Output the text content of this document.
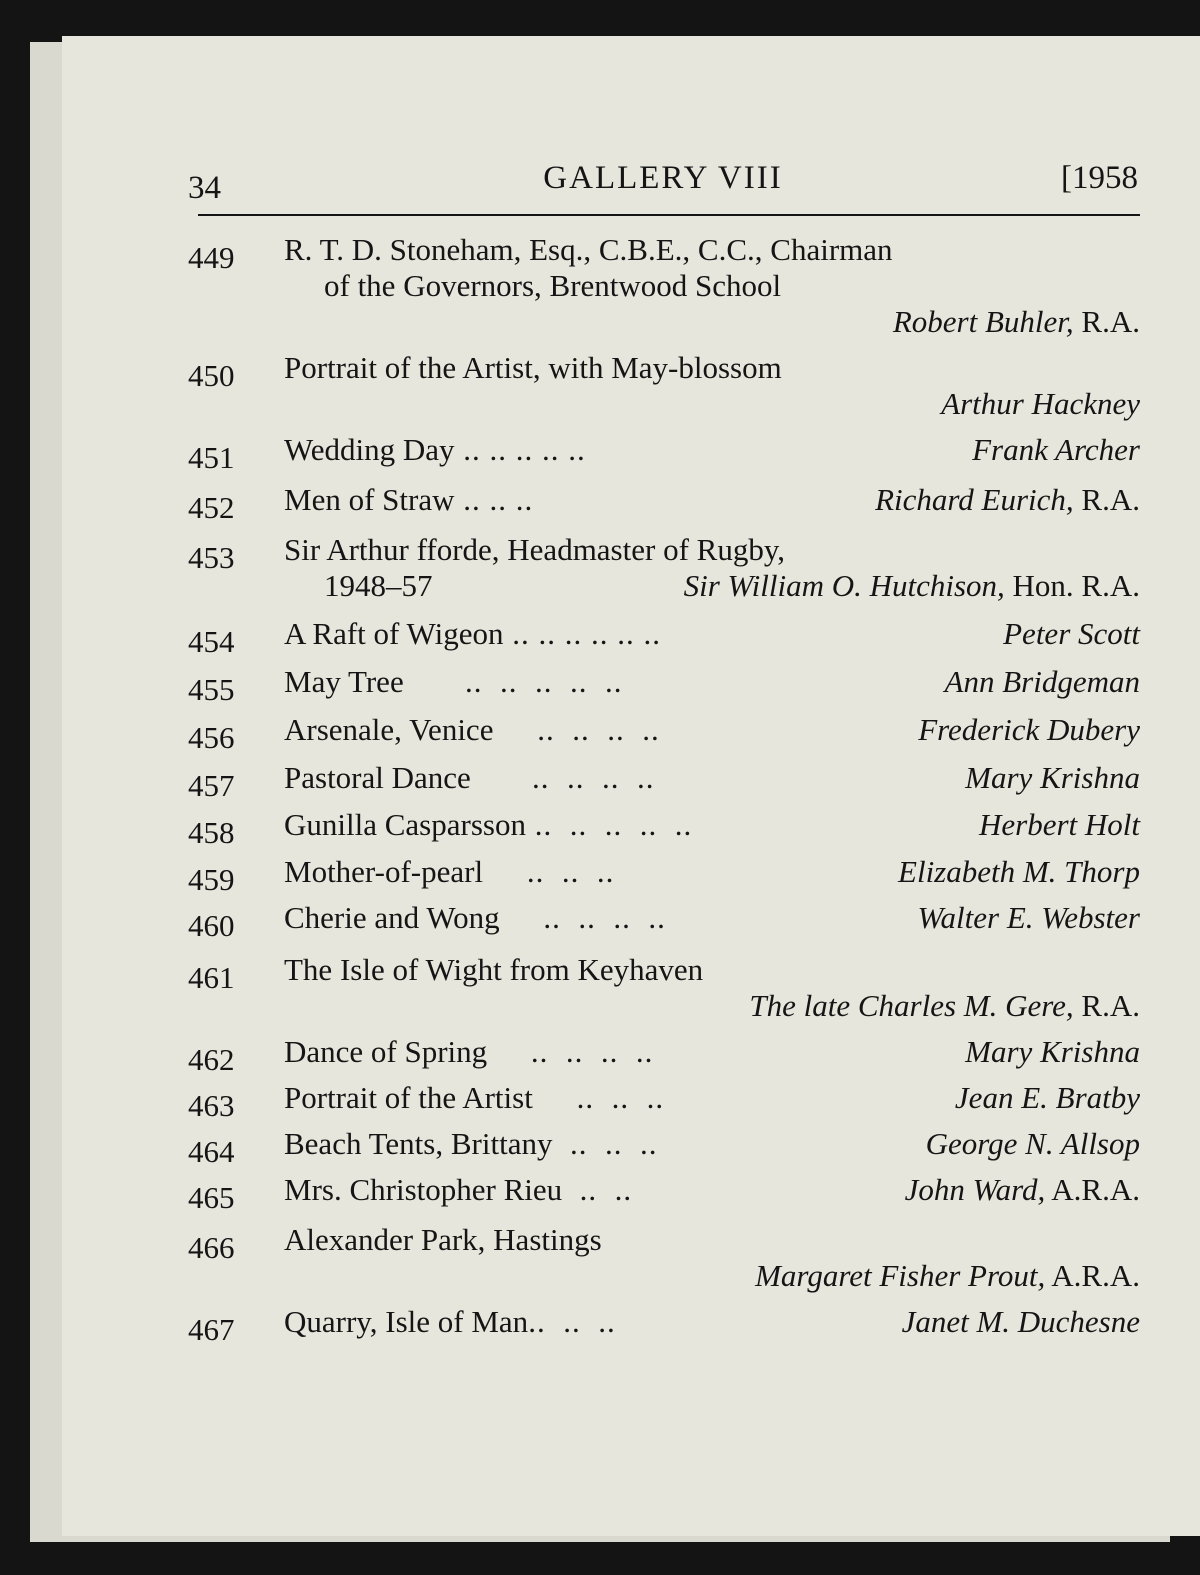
34	GALLERY VIII	[1958
449 R. T. D. Stoneham, Esq., C.B.E., C.C., Chairman
of the Governors, Brentwood School
Robert Buhler, R.A.
450 Portrait of the Artist, with May-blossom
Arthur Hackney
451 Wedding Day .. .. .. .. ..	Frank Archer
452 Men of Straw .. .. ..	Richard Eurich, R.A.
453 Sir Arthur fforde, Headmaster of Rugby,
1948–57	Sir William O. Hutchison, Hon. R.A.
454 A Raft of Wigeon .. .. .. .. .. ..	Peter Scott
455 May Tree       ..  ..  ..  ..  ..	Ann Bridgeman
456 Arsenale, Venice     ..  ..  ..  ..	Frederick Dubery
457 Pastoral Dance       ..  ..  ..  ..	Mary Krishna
458 Gunilla Casparsson ..  ..  ..  ..  ..	Herbert Holt
459 Mother-of-pearl     ..  ..  ..	Elizabeth M. Thorp
460 Cherie and Wong     ..  ..  ..  ..	Walter E. Webster
461 The Isle of Wight from Keyhaven
The late Charles M. Gere, R.A.
462 Dance of Spring     ..  ..  ..  ..	Mary Krishna
463 Portrait of the Artist     ..  ..  ..	Jean E. Bratby
464 Beach Tents, Brittany  ..  ..  ..	George N. Allsop
465 Mrs. Christopher Rieu  ..  ..	John Ward, A.R.A.
466 Alexander Park, Hastings
Margaret Fisher Prout, A.R.A.
467 Quarry, Isle of Man..  ..  ..	Janet M. Duchesne
